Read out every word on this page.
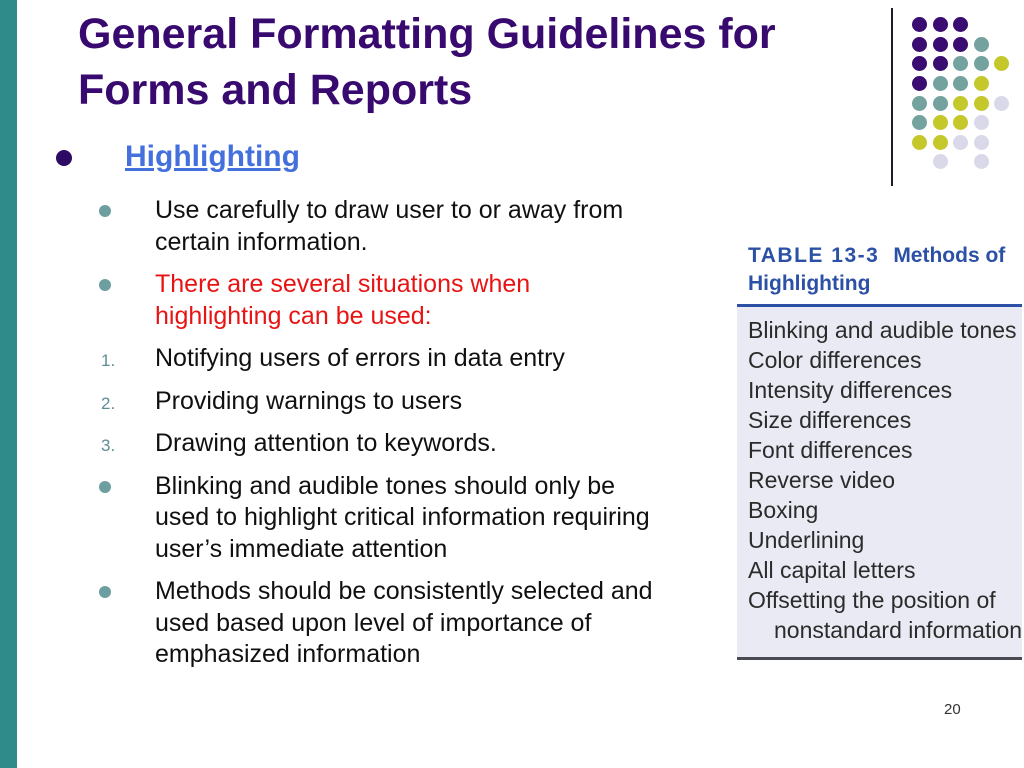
General Formatting Guidelines for
Forms and Reports
Highlighting
Use carefully to draw user to or away from
certain information.
There are several situations when
highlighting can be used:
1. Notifying users of errors in data entry
2. Providing warnings to users
3. Drawing attention to keywords.
Blinking and audible tones should only be
used to highlight critical information requiring
user’s immediate attention
Methods should be consistently selected and
used based upon level of importance of
emphasized information
TABLE 13-3 Methods of
Highlighting
Blinking and audible tones
Color differences
Intensity differences
Size differences
Font differences
Reverse video
Boxing
Underlining
All capital letters
Offsetting the position of
nonstandard information
20
